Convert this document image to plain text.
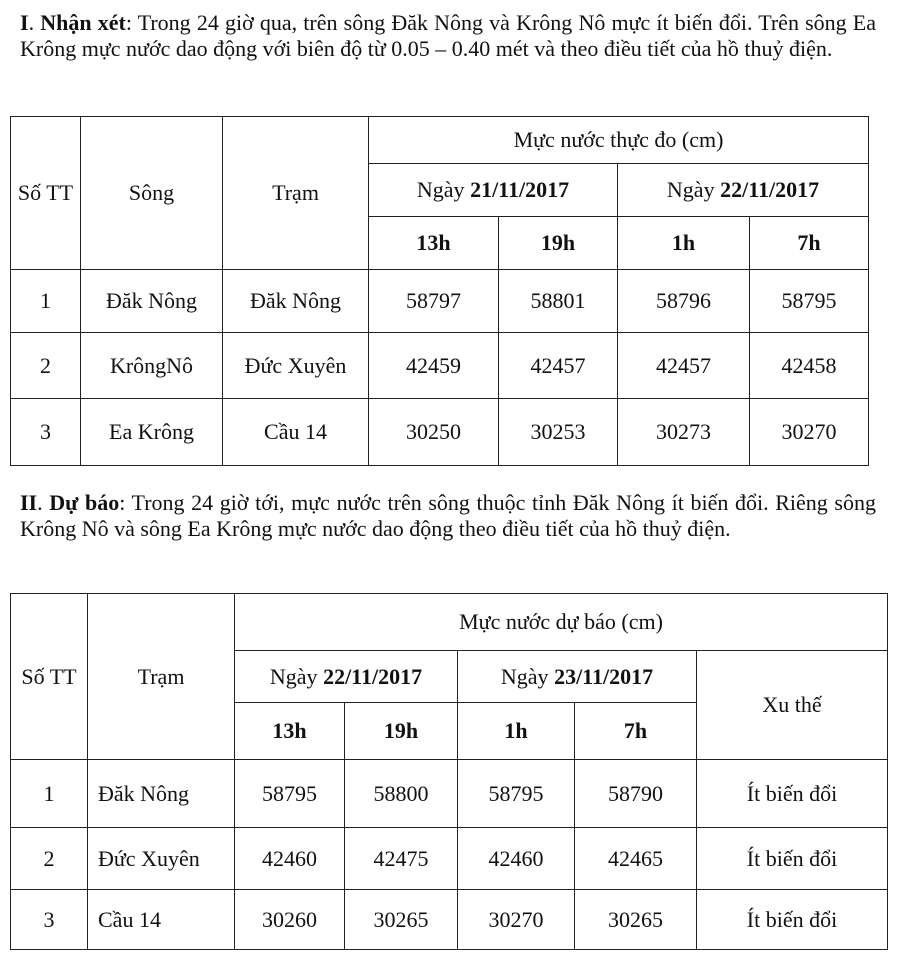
I. Nhận xét: Trong 24 giờ qua, trên sông Đăk Nông và Krông Nô mực ít biến đổi. Trên sông Ea Krông mực nước dao động với biên độ từ 0.05 – 0.40 mét và theo điều tiết của hồ thuỷ điện.

Số TT	Sông	Trạm	Mực nước thực đo (cm)			
			Ngày 21/11/2017		Ngày 22/11/2017	
			13h	19h	1h	7h
1	Đăk Nông	Đăk Nông	58797	58801	58796	58795
2	KrôngNô	Đức Xuyên	42459	42457	42457	42458
3	Ea Krông	Cầu 14	30250	30253	30273	30270

II. Dự báo: Trong 24 giờ tới, mực nước trên sông thuộc tỉnh Đăk Nông ít biến đổi. Riêng sông Krông Nô và sông Ea Krông mực nước dao động theo điều tiết của hồ thuỷ điện.

Số TT	Trạm	Mực nước dự báo (cm)				
		Ngày 22/11/2017		Ngày 23/11/2017		Xu thế
		13h	19h	1h	7h	
1	Đăk Nông	58795	58800	58795	58790	Ít biến đổi
2	Đức Xuyên	42460	42475	42460	42465	Ít biến đổi
3	Cầu 14	30260	30265	30270	30265	Ít biến đổi
